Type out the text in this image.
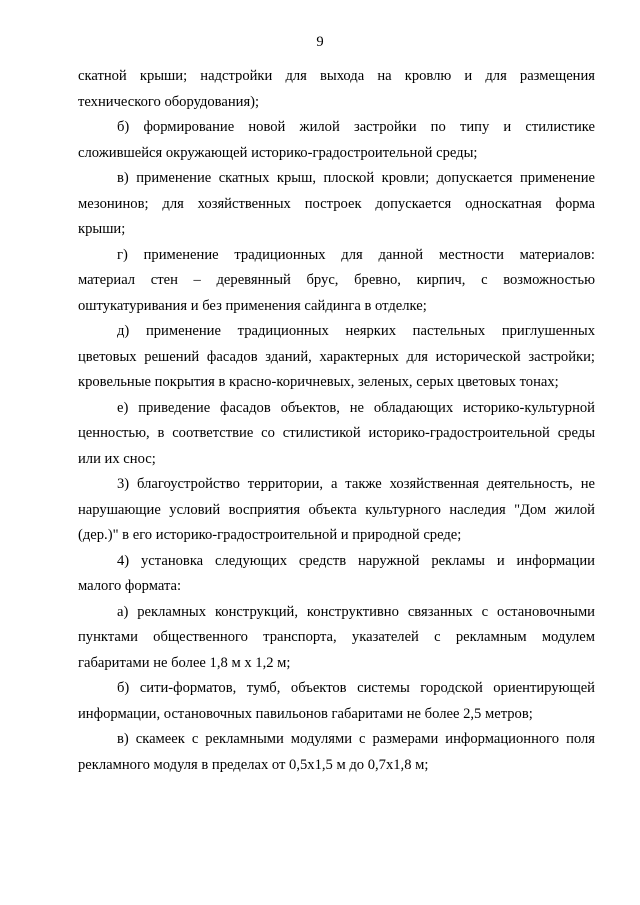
9

скатной крыши; надстройки для выхода на кровлю и для размещения
технического оборудования);

б) формирование новой жилой застройки по типу и стилистике
сложившейся окружающей историко-градостроительной среды;

в) применение скатных крыш, плоской кровли; допускается применение
мезонинов; для хозяйственных построек допускается односкатная форма
крыши;

г) применение традиционных для данной местности материалов:
материал стен – деревянный брус, бревно, кирпич, с возможностью
оштукатуривания и без применения сайдинга в отделке;

д) применение традиционных неярких пастельных приглушенных
цветовых решений фасадов зданий, характерных для исторической застройки;
кровельные покрытия в красно-коричневых, зеленых, серых цветовых тонах;

е) приведение фасадов объектов, не обладающих историко-культурной
ценностью, в соответствие со стилистикой историко-градостроительной среды
или их снос;

3) благоустройство территории, а также хозяйственная деятельность, не
нарушающие условий восприятия объекта культурного наследия "Дом жилой
(дер.)" в его историко-градостроительной и природной среде;

4) установка следующих средств наружной рекламы и информации
малого формата:

а) рекламных конструкций, конструктивно связанных с остановочными
пунктами общественного транспорта, указателей с рекламным модулем
габаритами не более 1,8 м х 1,2 м;

б) сити-форматов, тумб, объектов системы городской ориентирующей
информации, остановочных павильонов габаритами не более 2,5 метров;

в) скамеек с рекламными модулями с размерами информационного поля
рекламного модуля в пределах от 0,5х1,5 м до 0,7х1,8 м;
